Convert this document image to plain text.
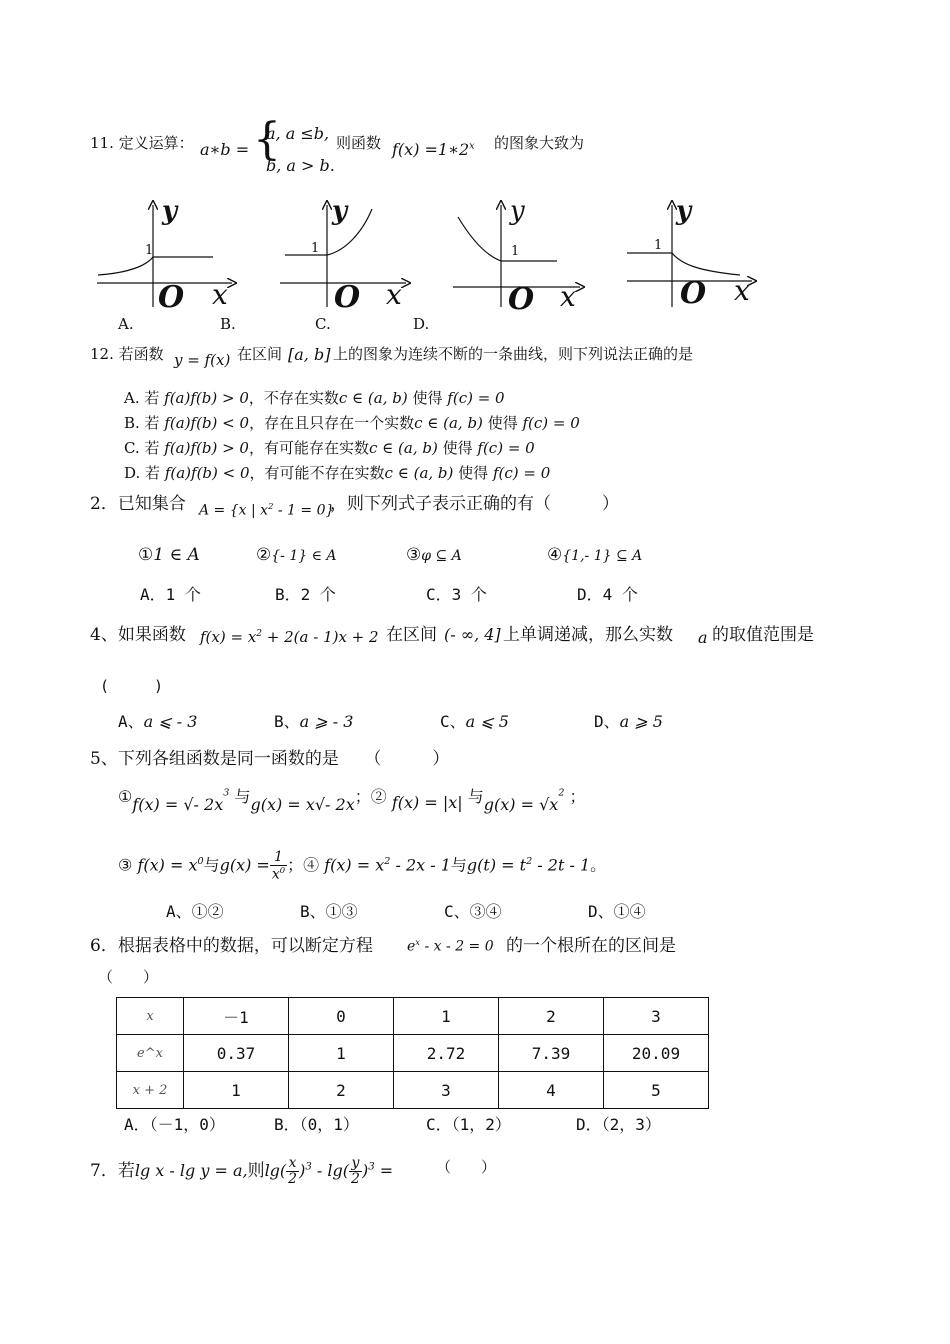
11. 定义运算： a∗b = {
a, a ≤b,
b, a > b.
则函数 $f(x) =1∗2^x$ 的图象大致为
y
1
O x
y
1
O x
y
1
O x
y
1
O x
A.	B.	C.	D.
12. 若函数 y = f(x) 在区间 [a, b] 上的图象为连续不断的一条曲线，则下列说法正确的是
A. 若 f(a)f(b) > 0，不存在实数c ∈ (a, b) 使得 f(c) = 0
B. 若 f(a)f(b) < 0，存在且只存在一个实数c ∈ (a, b) 使得 f(c) = 0
C. 若 f(a)f(b) > 0，有可能存在实数c ∈ (a, b) 使得 f(c) = 0
D. 若 f(a)f(b) < 0，有可能不存在实数c ∈ (a, b) 使得 f(c) = 0
2．已知集合 A = {x | $x^2 - 1 = 0$}
，则下列式子表示正确的有（　　　）
①1 ∈ A	②{- 1} ∈ A	③φ ⊆ A	④{1,- 1} ⊆ A
A．1 个	B．2 个	C．3 个	D．4 个
4、如果函数 $f(x) = x^2 + 2(a - 1)x + 2$ 在区间 (- ∞, 4] 上单调递减，那么实数 a 的取值范围是
(　　　)
A、a ⩽ - 3	B、a ⩾ - 3	C、a ⩽ 5	D、a ⩾ 5
5、下列各组函数是同一函数的是　　（　　　）
①f(x) = √- $2x^3$ 与g(x) = x√- 2x；② f(x) = |x| 与$g(x) = √x^2$ ；
③ $f(x) = x^0$与$g(x) = \frac{1}{x^0}$ ；④ $f(x) = x^2 - 2x - 1$与$g(t) = t^2 - 2t - 1$。
A、①②	B、①③	C、③④	D、①④
6．根据表格中的数据，可以断定方程 $e^x - x - 2 = 0$ 的一个根所在的区间是
（　　）
x	－1	0	1	2	3
e^x	0.37	1	2.72	7.39	20.09
x + 2	1	2	3	4	5
A．（－1，0）	B．（0，1）	C．（1，2）	D．（2，3）
7．若lg x - lg y = a,则$\lg( \frac{x}{2} )^3 - \lg( \frac{y}{2} )^3$ =	（　　）
